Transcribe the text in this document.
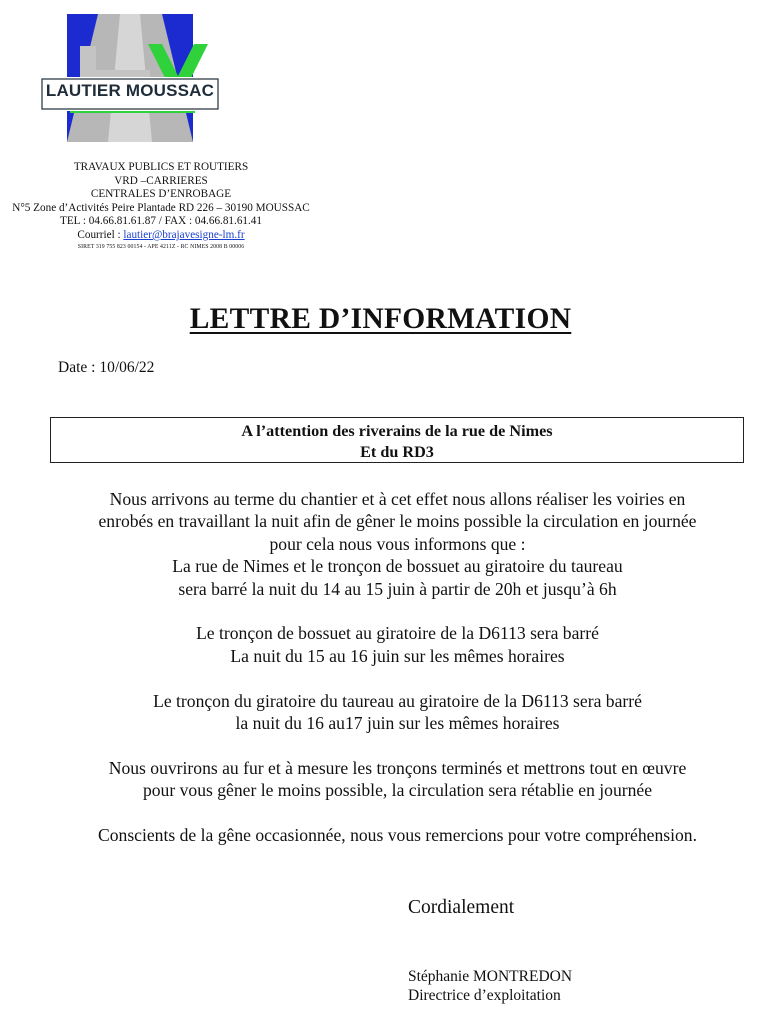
LAUTIER MOUSSAC
TRAVAUX PUBLICS ET ROUTIERS
VRD –CARRIERES
CENTRALES D’ENROBAGE
N°5 Zone d’Activités Peire Plantade RD 226 – 30190 MOUSSAC
TEL : 04.66.81.61.87 / FAX : 04.66.81.61.41
Courriel : lautier@brajavesigne-lm.fr
SIRET 319 755 823 00154 - APE 4211Z - RC NIMES 2008 B 00006
LETTRE D’INFORMATION
Date : 10/06/22
A l’attention des riverains de la rue de Nimes
Et du RD3

Nous arrivons au terme du chantier et à cet effet nous allons réaliser les voiries en
enrobés en travaillant la nuit afin de gêner le moins possible la circulation en journée
pour cela nous vous informons que :
La rue de Nimes et le tronçon de bossuet au giratoire du taureau
sera barré la nuit du 14 au 15 juin à partir de 20h et jusqu’à 6h

Le tronçon de bossuet au giratoire de la D6113 sera barré
La nuit du 15 au 16 juin sur les mêmes horaires

Le tronçon du giratoire du taureau au giratoire de la D6113 sera barré
la nuit du 16 au17 juin sur les mêmes horaires

Nous ouvrirons au fur et à mesure les tronçons terminés et mettrons tout en œuvre
pour vous gêner le moins possible, la circulation sera rétablie en journée

Conscients de la gêne occasionnée, nous vous remercions pour votre compréhension.

Cordialement
Stéphanie MONTREDON
Directrice d’exploitation
